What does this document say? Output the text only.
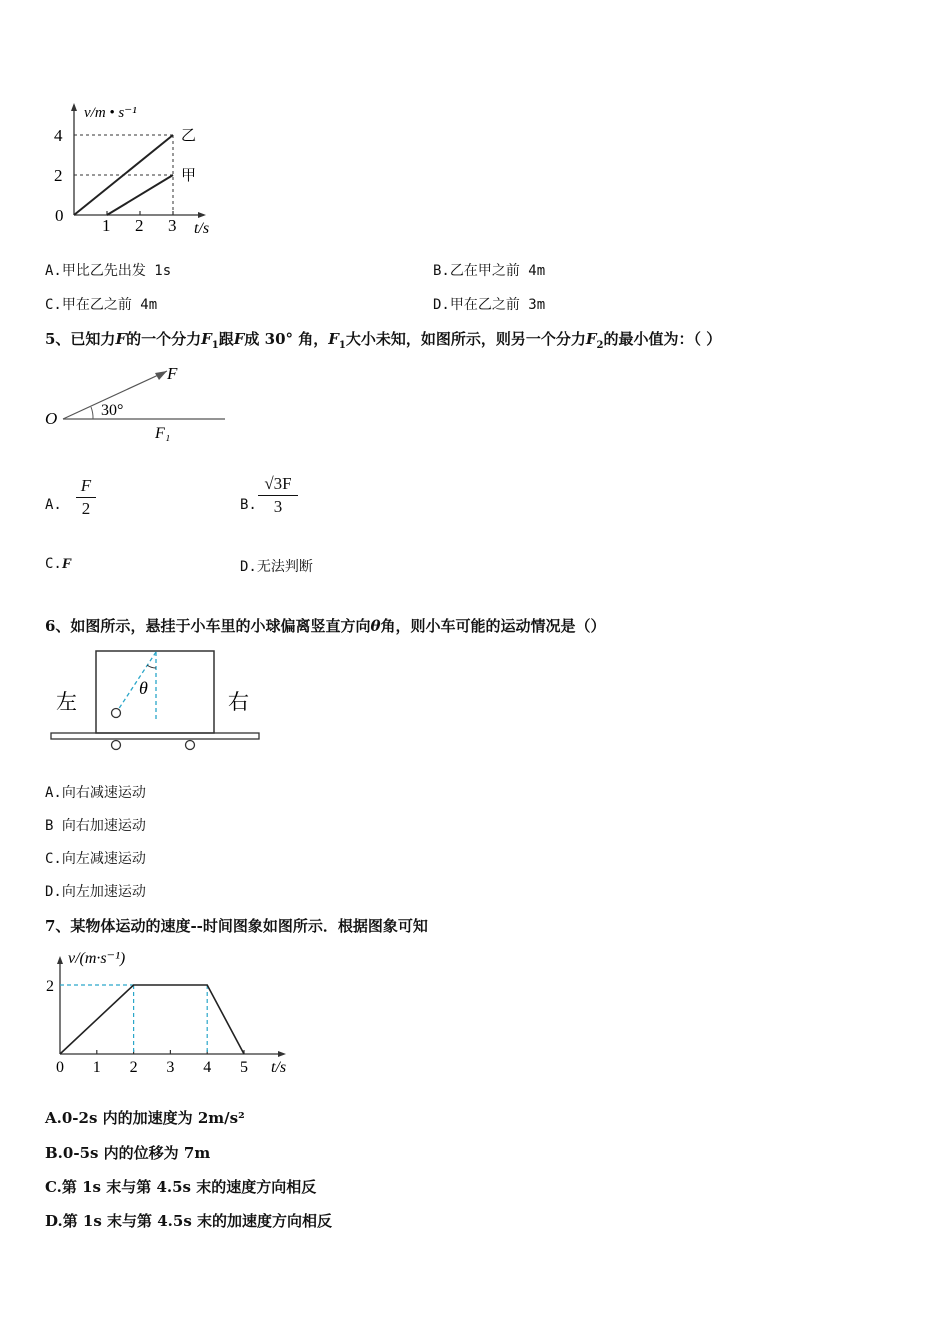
0
1 2 3
2
4	乙
甲
v/m • s⁻¹
t/s
A.甲比乙先出发 1s	B.乙在甲之前 4m
C.甲在乙之前 4m	D.甲在乙之前 3m
5、已知力F的一个分力$F_1$跟F成 30° 角，$F_1$大小未知，如图所示，则另一个分力$F_2$的最小值为：（ ）
O	30°
F
F₁
A.
F
2	B.
√3F
3
C.F	D.无法判断
6、如图所示，悬挂于小车里的小球偏离竖直方向θ角，则小车可能的运动情况是（）
θ
左	右
A.向右减速运动
B 向右加速运动
C.向左减速运动
D.向左加速运动
7、某物体运动的速度--时间图象如图所示．根据图象可知
0 1 2 3 4 5
2
v/(m·s⁻¹)
t/s
A.0-2s 内的加速度为 2m/s²
B.0-5s 内的位移为 7m
C.第 1s 末与第 4.5s 末的速度方向相反
D.第 1s 末与第 4.5s 末的加速度方向相反
